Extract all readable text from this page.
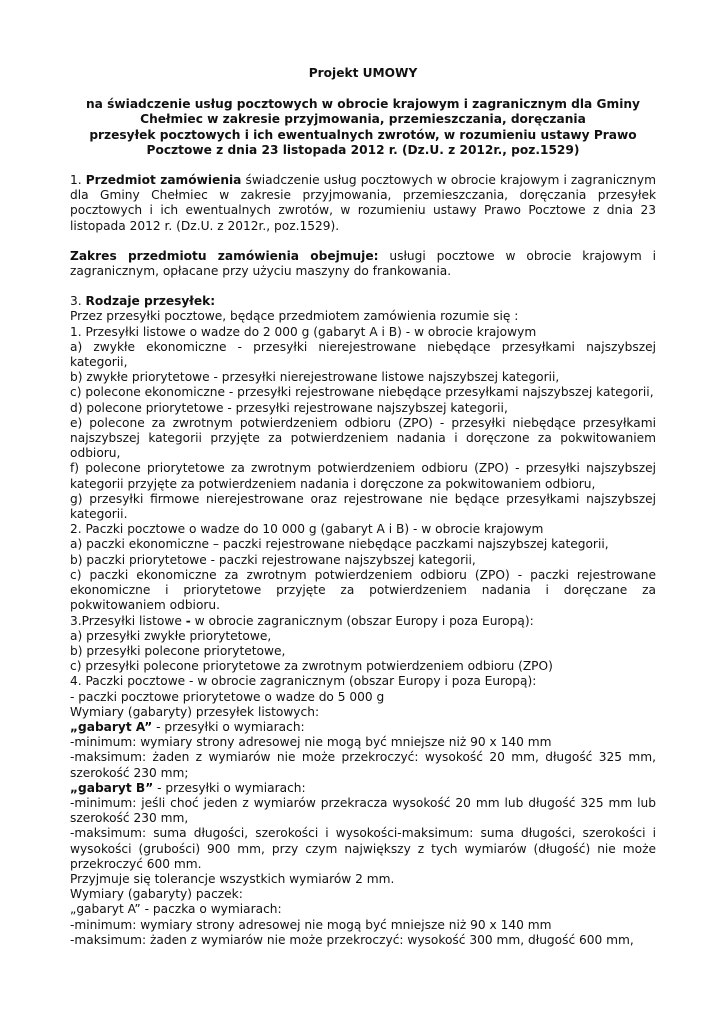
Projekt UMOWY
na świadczenie usług pocztowych w obrocie krajowym i zagranicznym dla Gminy
Chełmiec w zakresie przyjmowania, przemieszczania, doręczania
przesyłek pocztowych i ich ewentualnych zwrotów, w rozumieniu ustawy Prawo
Pocztowe z dnia 23 listopada 2012 r. (Dz.U. z 2012r., poz.1529)

1. Przedmiot zamówienia świadczenie usług pocztowych w obrocie krajowym i zagranicznym dla Gminy Chełmiec w zakresie przyjmowania, przemieszczania, doręczania przesyłek pocztowych i ich ewentualnych zwrotów, w rozumieniu ustawy Prawo Pocztowe z dnia 23 listopada 2012 r. (Dz.U. z 2012r., poz.1529).

Zakres przedmiotu zamówienia obejmuje: usługi pocztowe w obrocie krajowym i zagranicznym, opłacane przy użyciu maszyny do frankowania.

3. Rodzaje przesyłek:

Przez przesyłki pocztowe, będące przedmiotem zamówienia rozumie się :

1. Przesyłki listowe o wadze do 2 000 g (gabaryt A i B) - w obrocie krajowym

a) zwykłe ekonomiczne - przesyłki nierejestrowane niebędące przesyłkami najszybszej kategorii,

b) zwykłe priorytetowe - przesyłki nierejestrowane listowe najszybszej kategorii,

c) polecone ekonomiczne - przesyłki rejestrowane niebędące przesyłkami najszybszej kategorii,

d) polecone priorytetowe - przesyłki rejestrowane najszybszej kategorii,

e) polecone za zwrotnym potwierdzeniem odbioru (ZPO) - przesyłki niebędące przesyłkami najszybszej kategorii przyjęte za potwierdzeniem nadania i doręczone za pokwitowaniem odbioru,

f) polecone priorytetowe za zwrotnym potwierdzeniem odbioru (ZPO) - przesyłki najszybszej kategorii przyjęte za potwierdzeniem nadania i doręczone za pokwitowaniem odbioru,

g) przesyłki firmowe nierejestrowane oraz rejestrowane nie będące przesyłkami najszybszej kategorii.

2. Paczki pocztowe o wadze do 10 000 g (gabaryt A i B) - w obrocie krajowym

a) paczki ekonomiczne – paczki rejestrowane niebędące paczkami najszybszej kategorii,

b) paczki priorytetowe - paczki rejestrowane najszybszej kategorii,

c) paczki ekonomiczne za zwrotnym potwierdzeniem odbioru (ZPO) - paczki rejestrowane ekonomiczne i priorytetowe przyjęte za potwierdzeniem nadania i doręczane za pokwitowaniem odbioru.

3.Przesyłki listowe - w obrocie zagranicznym (obszar Europy i poza Europą):

a) przesyłki zwykłe priorytetowe,

b) przesyłki polecone priorytetowe,

c) przesyłki polecone priorytetowe za zwrotnym potwierdzeniem odbioru (ZPO)

4. Paczki pocztowe - w obrocie zagranicznym (obszar Europy i poza Europą):

- paczki pocztowe priorytetowe o wadze do 5 000 g

Wymiary (gabaryty) przesyłek listowych:

„gabaryt A” - przesyłki o wymiarach:

-minimum: wymiary strony adresowej nie mogą być mniejsze niż 90 x 140 mm

-maksimum: żaden z wymiarów nie może przekroczyć: wysokość 20 mm, długość 325 mm, szerokość 230 mm;

„gabaryt B” - przesyłki o wymiarach:

-minimum: jeśli choć jeden z wymiarów przekracza wysokość 20 mm lub długość 325 mm lub szerokość 230 mm,

-maksimum: suma długości, szerokości i wysokości-maksimum: suma długości, szerokości i wysokości (grubości) 900 mm, przy czym największy z tych wymiarów (długość) nie może przekroczyć 600 mm.

Przyjmuje się tolerancje wszystkich wymiarów 2 mm.

Wymiary (gabaryty) paczek:

„gabaryt A” - paczka o wymiarach:

-minimum: wymiary strony adresowej nie mogą być mniejsze niż 90 x 140 mm

-maksimum: żaden z wymiarów nie może przekroczyć: wysokość 300 mm, długość 600 mm,
